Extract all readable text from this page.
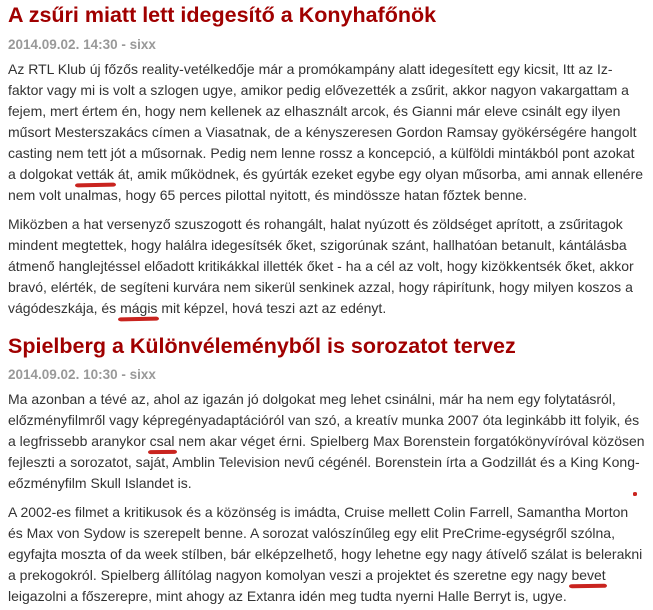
A zsűri miatt lett idegesítő a Konyhafőnök
2014.09.02. 14:30 - sixx

Az RTL Klub új főzős reality-vetélkedője már a promókampány alatt idegesített egy kicsit, Itt az Iz-faktor vagy mi is volt a szlogen ugye, amikor pedig elővezették a zsűrit, akkor nagyon vakargattam a fejem, mert értem én, hogy nem kellenek az elhasznált arcok, és Gianni már eleve csinált egy ilyen műsort Mesterszakács címen a Viasatnak, de a kényszeresen Gordon Ramsay gyökérségére hangolt casting nem tett jót a műsornak. Pedig nem lenne rossz a koncepció, a külföldi mintákból pont azokat a dolgokat vetták át, amik működnek, és gyúrták ezeket egybe egy olyan műsorba, ami annak ellenére nem volt unalmas, hogy 65 perces pilottal nyitott, és mindössze hatan főztek benne.

Miközben a hat versenyző szuszogott és rohangált, halat nyúzott és zöldséget aprított, a zsűritagok mindent megtettek, hogy halálra idegesítsék őket, szigorúnak szánt, hallhatóan betanult, kántálásba átmenő hanglejtéssel előadott kritikákkal illették őket - ha a cél az volt, hogy kizökkentsék őket, akkor bravó, elérték, de segíteni kurvára nem sikerül senkinek azzal, hogy rápirítunk, hogy milyen koszos a vágódeszkája, és mágis mit képzel, hová teszi azt az edényt.

Spielberg a Különvéleményből is sorozatot tervez
2014.09.02. 10:30 - sixx

Ma azonban a tévé az, ahol az igazán jó dolgokat meg lehet csinálni, már ha nem egy folytatásról, előzményfilmről vagy képregényadaptációról van szó, a kreatív munka 2007 óta leginkább itt folyik, és a legfrissebb aranykor csal nem akar véget érni. Spielberg Max Borenstein forgatókönyvíróval közösen fejleszti a sorozatot, saját, Amblin Television nevű cégénél. Borenstein írta a Godzillát és a King Kong-eőzményfilm Skull Islandet is.

A 2002-es filmet a kritikusok és a közönség is imádta, Cruise mellett Colin Farrell, Samantha Morton és Max von Sydow is szerepelt benne. A sorozat valószínűleg egy elit PreCrime-egységről szólna, egyfajta moszta of da week stílben, bár elképzelhető, hogy lehetne egy nagy átívelő szálat is belerakni a prekogokról. Spielberg állítólag nagyon komolyan veszi a projektet és szeretne egy nagy bevet leigazolni a főszerepre, mint ahogy az Extanra idén meg tudta nyerni Halle Berryt is, ugye.
